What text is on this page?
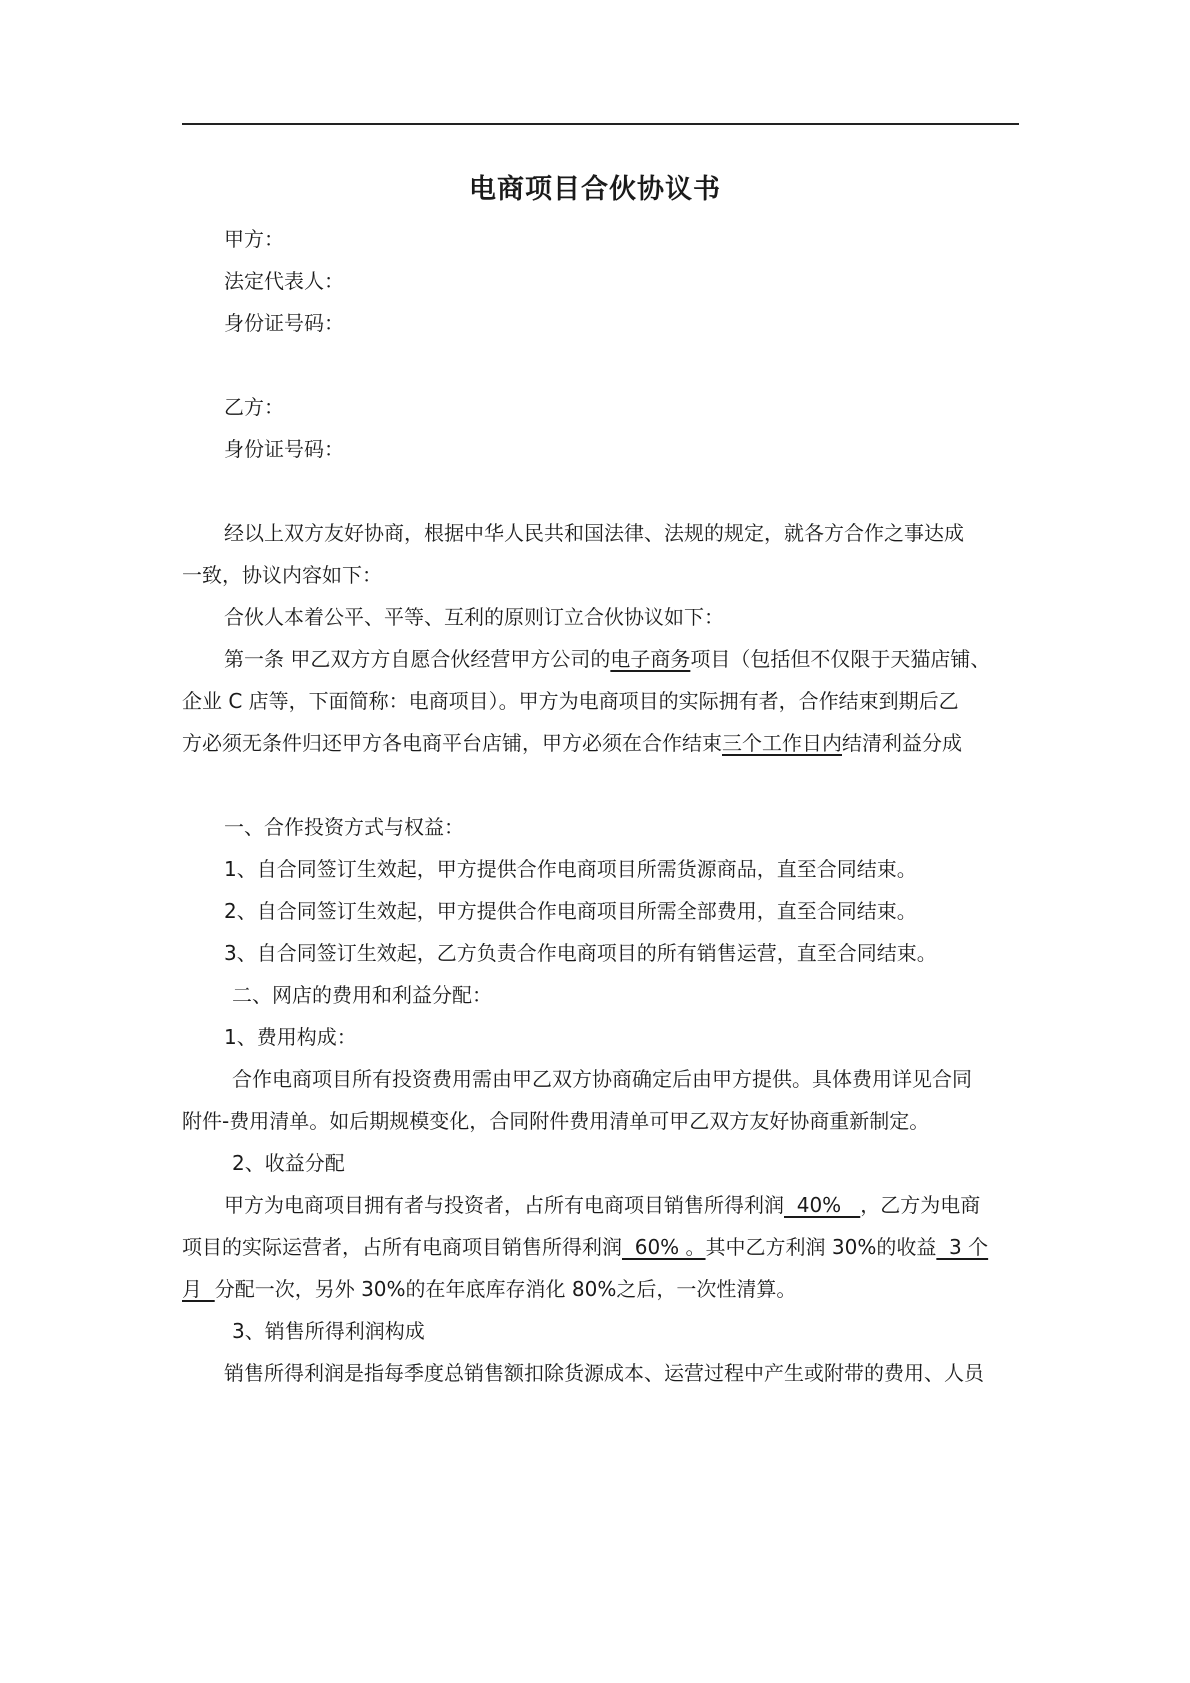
电商项目合伙协议书

甲方：

法定代表人：

身份证号码：

乙方：

身份证号码：

经以上双方友好协商，根据中华人民共和国法律、法规的规定，就各方合作之事达成

一致，协议内容如下：

合伙人本着公平、平等、互利的原则订立合伙协议如下：

第一条 甲乙双方方自愿合伙经营甲方公司的电子商务项目（包括但不仅限于天猫店铺、

企业 C 店等，下面简称：电商项目）。甲方为电商项目的实际拥有者，合作结束到期后乙

方必须无条件归还甲方各电商平台店铺，甲方必须在合作结束三个工作日内结清利益分成

一、合作投资方式与权益：

1、自合同签订生效起，甲方提供合作电商项目所需货源商品，直至合同结束。

2、自合同签订生效起，甲方提供合作电商项目所需全部费用，直至合同结束。

3、自合同签订生效起，乙方负责合作电商项目的所有销售运营，直至合同结束。

二、网店的费用和利益分配：

1、费用构成：

合作电商项目所有投资费用需由甲乙双方协商确定后由甲方提供。具体费用详见合同

附件-费用清单。如后期规模变化，合同附件费用清单可甲乙双方友好协商重新制定。

2、收益分配

甲方为电商项目拥有者与投资者，占所有电商项目销售所得利润  40%   ，乙方为电商

项目的实际运营者，占所有电商项目销售所得利润  60% 。其中乙方利润 30%的收益  3 个

月  分配一次，另外 30%的在年底库存消化 80%之后，一次性清算。

3、销售所得利润构成

销售所得利润是指每季度总销售额扣除货源成本、运营过程中产生或附带的费用、人员
